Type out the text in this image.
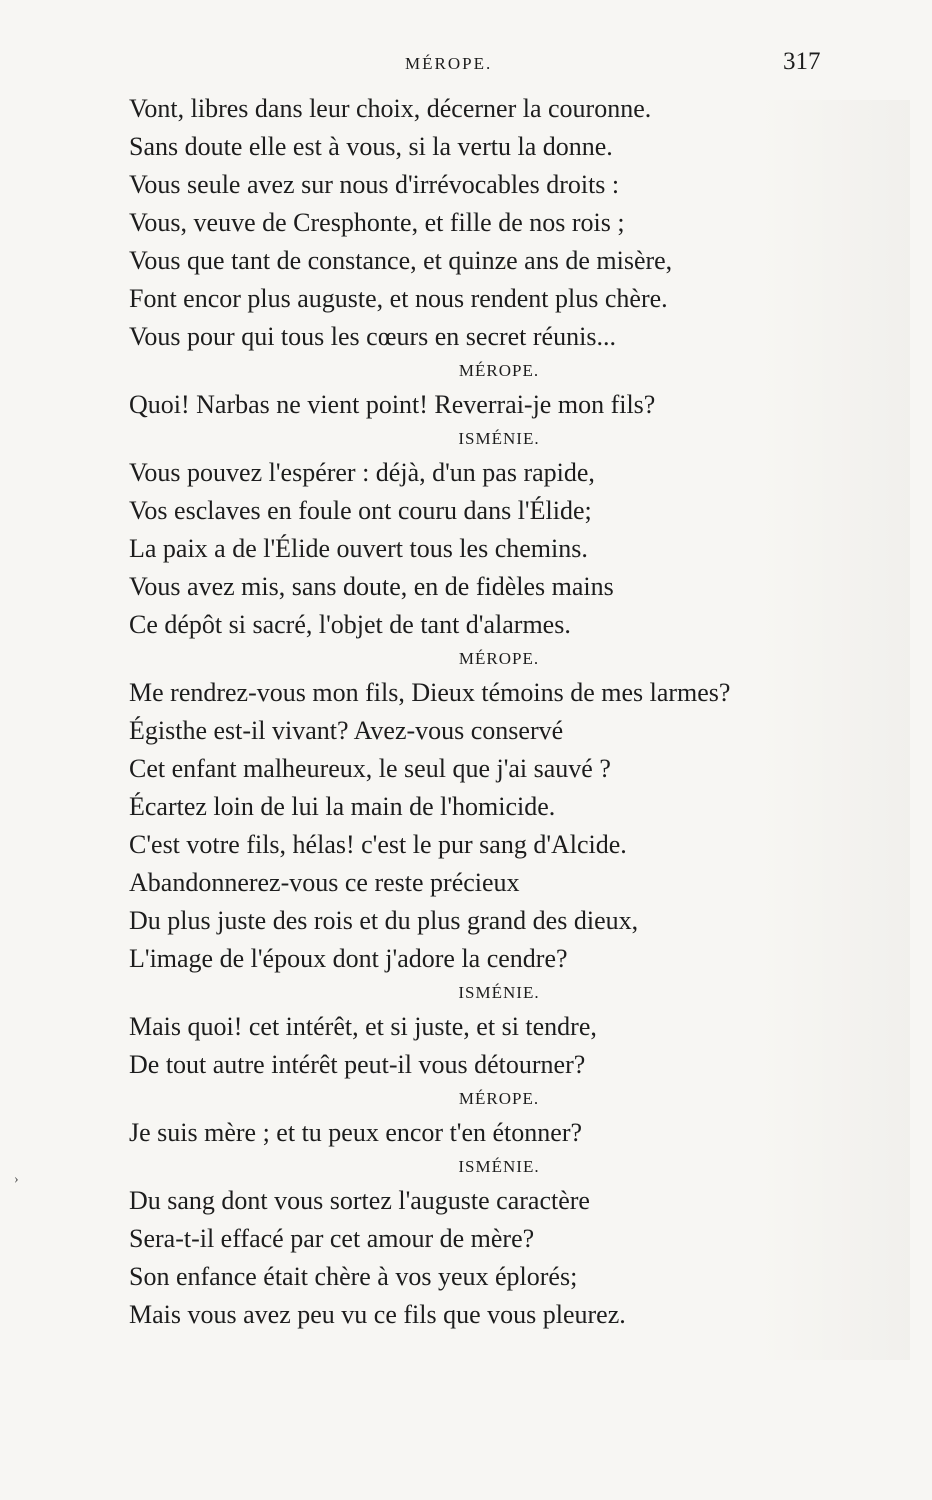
MÉROPE.	317
Vont, libres dans leur choix, décerner la couronne.
Sans doute elle est à vous, si la vertu la donne.
Vous seule avez sur nous d'irrévocables droits :
Vous, veuve de Cresphonte, et fille de nos rois ;
Vous que tant de constance, et quinze ans de misère,
Font encor plus auguste, et nous rendent plus chère.
Vous pour qui tous les cœurs en secret réunis...
MÉROPE.
Quoi! Narbas ne vient point! Reverrai-je mon fils?
ISMÉNIE.
Vous pouvez l'espérer : déjà, d'un pas rapide,
Vos esclaves en foule ont couru dans l'Élide;
La paix a de l'Élide ouvert tous les chemins.
Vous avez mis, sans doute, en de fidèles mains
Ce dépôt si sacré, l'objet de tant d'alarmes.
MÉROPE.
Me rendrez-vous mon fils, Dieux témoins de mes larmes?
Égisthe est-il vivant? Avez-vous conservé
Cet enfant malheureux, le seul que j'ai sauvé ?
Écartez loin de lui la main de l'homicide.
C'est votre fils, hélas! c'est le pur sang d'Alcide.
Abandonnerez-vous ce reste précieux
Du plus juste des rois et du plus grand des dieux,
L'image de l'époux dont j'adore la cendre?
ISMÉNIE.
Mais quoi! cet intérêt, et si juste, et si tendre,
De tout autre intérêt peut-il vous détourner?
MÉROPE.
Je suis mère ; et tu peux encor t'en étonner?
ISMÉNIE.
Du sang dont vous sortez l'auguste caractère
Sera-t-il effacé par cet amour de mère?
Son enfance était chère à vos yeux éplorés;
Mais vous avez peu vu ce fils que vous pleurez.
›
